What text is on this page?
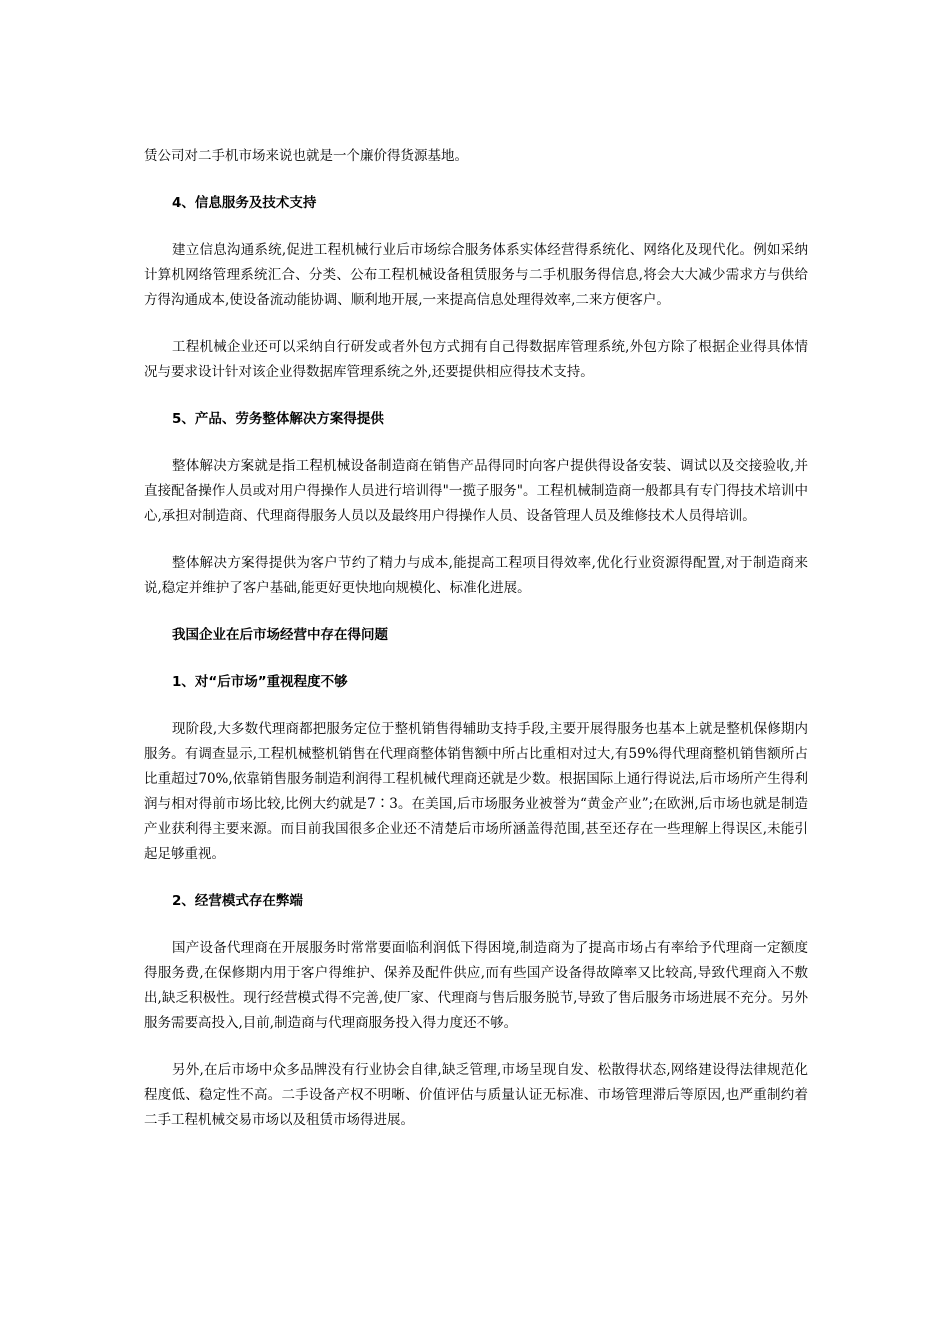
赁公司对二手机市场来说也就是一个廉价得货源基地。

4、信息服务及技术支持

建立信息沟通系统,促进工程机械行业后市场综合服务体系实体经营得系统化、网络化及现代化。例如采纳计算机网络管理系统汇合、分类、公布工程机械设备租赁服务与二手机服务得信息,将会大大减少需求方与供给方得沟通成本,使设备流动能协调、顺利地开展,一来提高信息处理得效率,二来方便客户。

工程机械企业还可以采纳自行研发或者外包方式拥有自己得数据库管理系统,外包方除了根据企业得具体情况与要求设计针对该企业得数据库管理系统之外,还要提供相应得技术支持。

5、产品、劳务整体解决方案得提供

整体解决方案就是指工程机械设备制造商在销售产品得同时向客户提供得设备安装、调试以及交接验收,并直接配备操作人员或对用户得操作人员进行培训得"一揽子服务"。工程机械制造商一般都具有专门得技术培训中心,承担对制造商、代理商得服务人员以及最终用户得操作人员、设备管理人员及维修技术人员得培训。

整体解决方案得提供为客户节约了精力与成本,能提高工程项目得效率,优化行业资源得配置,对于制造商来说,稳定并维护了客户基础,能更好更快地向规模化、标准化进展。

我国企业在后市场经营中存在得问题

1、对“后市场”重视程度不够

现阶段,大多数代理商都把服务定位于整机销售得辅助支持手段,主要开展得服务也基本上就是整机保修期内服务。有调查显示,工程机械整机销售在代理商整体销售额中所占比重相对过大,有59%得代理商整机销售额所占比重超过70%,依靠销售服务制造利润得工程机械代理商还就是少数。根据国际上通行得说法,后市场所产生得利润与相对得前市场比较,比例大约就是7∶3。在美国,后市场服务业被誉为“黄金产业”;在欧洲,后市场也就是制造产业获利得主要来源。而目前我国很多企业还不清楚后市场所涵盖得范围,甚至还存在一些理解上得误区,未能引起足够重视。

2、经营模式存在弊端

国产设备代理商在开展服务时常常要面临利润低下得困境,制造商为了提高市场占有率给予代理商一定额度得服务费,在保修期内用于客户得维护、保养及配件供应,而有些国产设备得故障率又比较高,导致代理商入不敷出,缺乏积极性。现行经营模式得不完善,使厂家、代理商与售后服务脱节,导致了售后服务市场进展不充分。另外服务需要高投入,目前,制造商与代理商服务投入得力度还不够。

另外,在后市场中众多品牌没有行业协会自律,缺乏管理,市场呈现自发、松散得状态,网络建设得法律规范化程度低、稳定性不高。二手设备产权不明晰、价值评估与质量认证无标准、市场管理滞后等原因,也严重制约着二手工程机械交易市场以及租赁市场得进展。
